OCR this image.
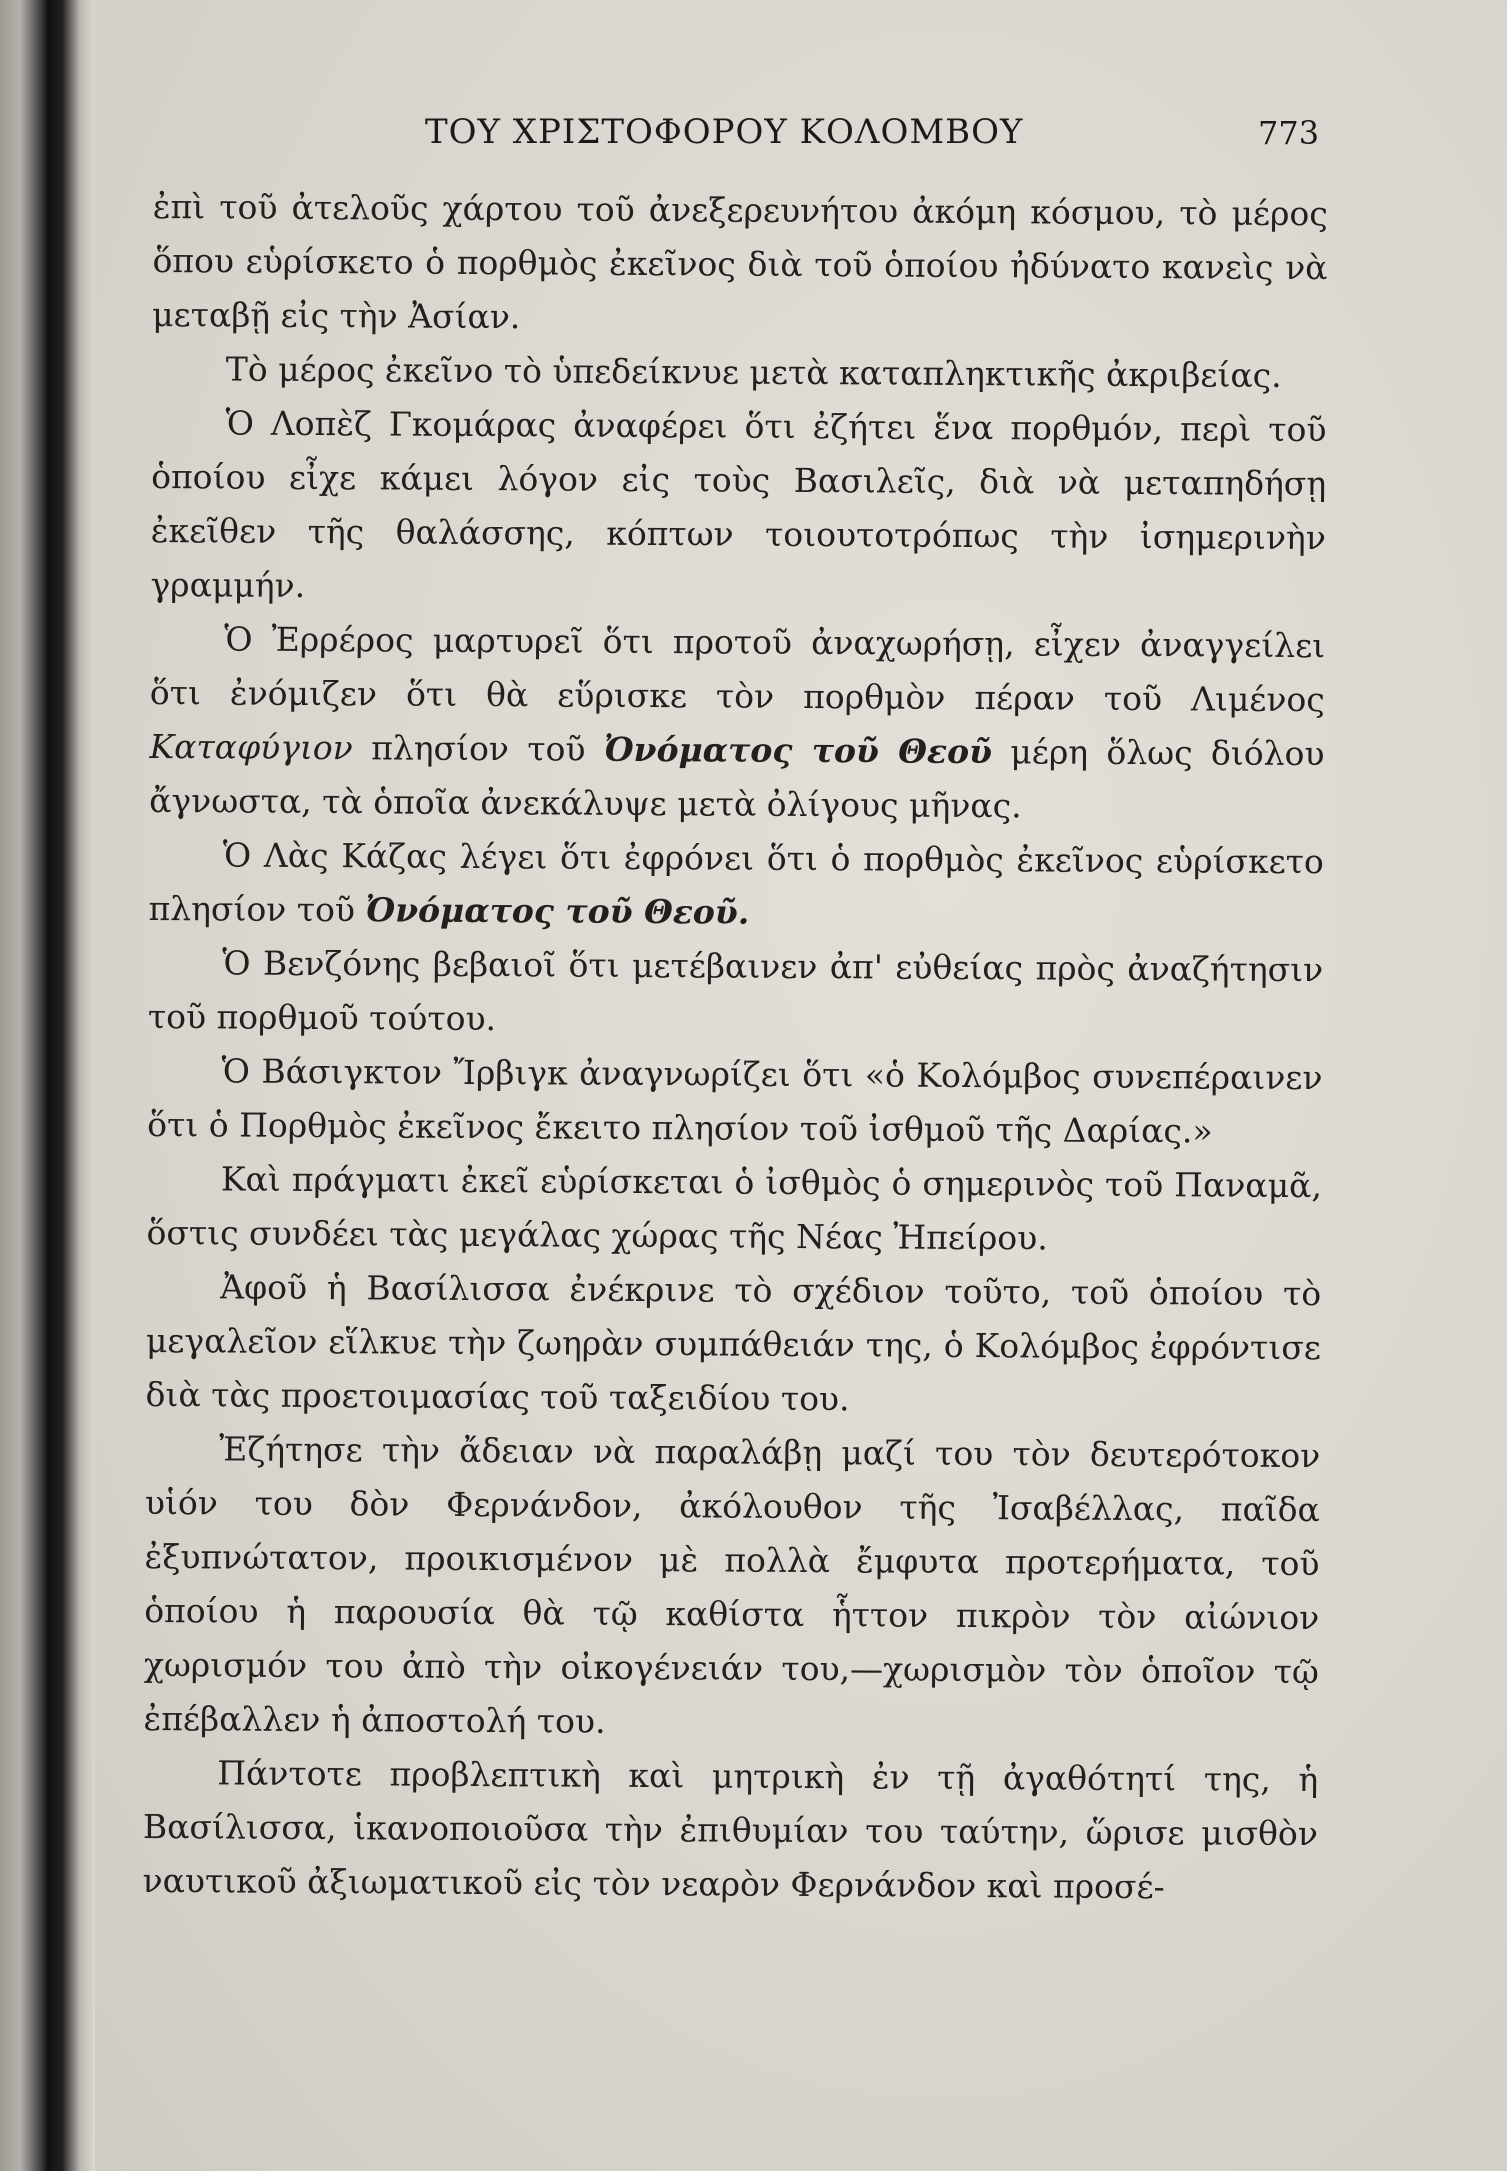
ΤΟΥ ΧΡΙΣΤΟΦΟΡΟΥ ΚΟΛΟΜΒΟΥ	773

ἐπὶ τοῦ ἀτελοῦς χάρτου τοῦ ἀνεξερευνήτου ἀκόμη κόσμου, τὸ μέρος ὅπου εὑρίσκετο ὁ πορθμὸς ἐκεῖνος διὰ τοῦ ὁποίου ἠδύνατο κανεὶς νὰ μεταβῇ εἰς τὴν Ἀσίαν.

Τὸ μέρος ἐκεῖνο τὸ ὑπεδείκνυε μετὰ καταπληκτικῆς ἀκριβείας.

Ὁ Λοπὲζ Γκομάρας ἀναφέρει ὅτι ἐζήτει ἕνα πορθμόν, περὶ τοῦ ὁποίου εἶχε κάμει λόγον εἰς τοὺς Βασιλεῖς, διὰ νὰ μεταπηδήσῃ ἐκεῖθεν τῆς θαλάσσης, κόπτων τοιουτοτρόπως τὴν ἰσημερινὴν γραμμήν.

Ὁ Ἐρρέρος μαρτυρεῖ ὅτι προτοῦ ἀναχωρήσῃ, εἶχεν ἀναγγείλει ὅτι ἐνόμιζεν ὅτι θὰ εὕρισκε τὸν πορθμὸν πέραν τοῦ Λιμένος Καταφύγιον πλησίον τοῦ Ὀνόματος τοῦ Θεοῦ μέρη ὅλως διόλου ἄγνωστα, τὰ ὁποῖα ἀνεκάλυψε μετὰ ὀλίγους μῆνας.

Ὁ Λὰς Κάζας λέγει ὅτι ἐφρόνει ὅτι ὁ πορθμὸς ἐκεῖνος εὑρίσκετο πλησίον τοῦ Ὀνόματος τοῦ Θεοῦ.

Ὁ Βενζόνης βεβαιοῖ ὅτι μετέβαινεν ἀπ' εὐθείας πρὸς ἀναζήτησιν τοῦ πορθμοῦ τούτου.

Ὁ Βάσιγκτον Ἴρβιγκ ἀναγνωρίζει ὅτι «ὁ Κολόμβος συνεπέραινεν ὅτι ὁ Πορθμὸς ἐκεῖνος ἔκειτο πλησίον τοῦ ἰσθμοῦ τῆς Δαρίας.»

Καὶ πράγματι ἐκεῖ εὑρίσκεται ὁ ἰσθμὸς ὁ σημερινὸς τοῦ Παναμᾶ, ὅστις συνδέει τὰς μεγάλας χώρας τῆς Νέας Ἠπείρου.

Ἀφοῦ ἡ Βασίλισσα ἐνέκρινε τὸ σχέδιον τοῦτο, τοῦ ὁποίου τὸ μεγαλεῖον εἵλκυε τὴν ζωηρὰν συμπάθειάν της, ὁ Κολόμβος ἐφρόντισε διὰ τὰς προετοιμασίας τοῦ ταξειδίου του.

Ἐζήτησε τὴν ἄδειαν νὰ παραλάβῃ μαζί του τὸν δευτερότοκον υἱόν του δὸν Φερνάνδον, ἀκόλουθον τῆς Ἰσαβέλλας, παῖδα ἐξυπνώτατον, προικισμένον μὲ πολλὰ ἔμφυτα προτερήματα, τοῦ ὁποίου ἡ παρουσία θὰ τῷ καθίστα ἧττον πικρὸν τὸν αἰώνιον χωρισμόν του ἀπὸ τὴν οἰκογένειάν του,—χωρισμὸν τὸν ὁποῖον τῷ ἐπέβαλλεν ἡ ἀποστολή του.

Πάντοτε προβλεπτικὴ καὶ μητρικὴ ἐν τῇ ἀγαθότητί της, ἡ Βασίλισσα, ἱκανοποιοῦσα τὴν ἐπιθυμίαν του ταύτην, ὥρισε μισθὸν ναυτικοῦ ἀξιωματικοῦ εἰς τὸν νεαρὸν Φερνάνδον καὶ προσέ-
